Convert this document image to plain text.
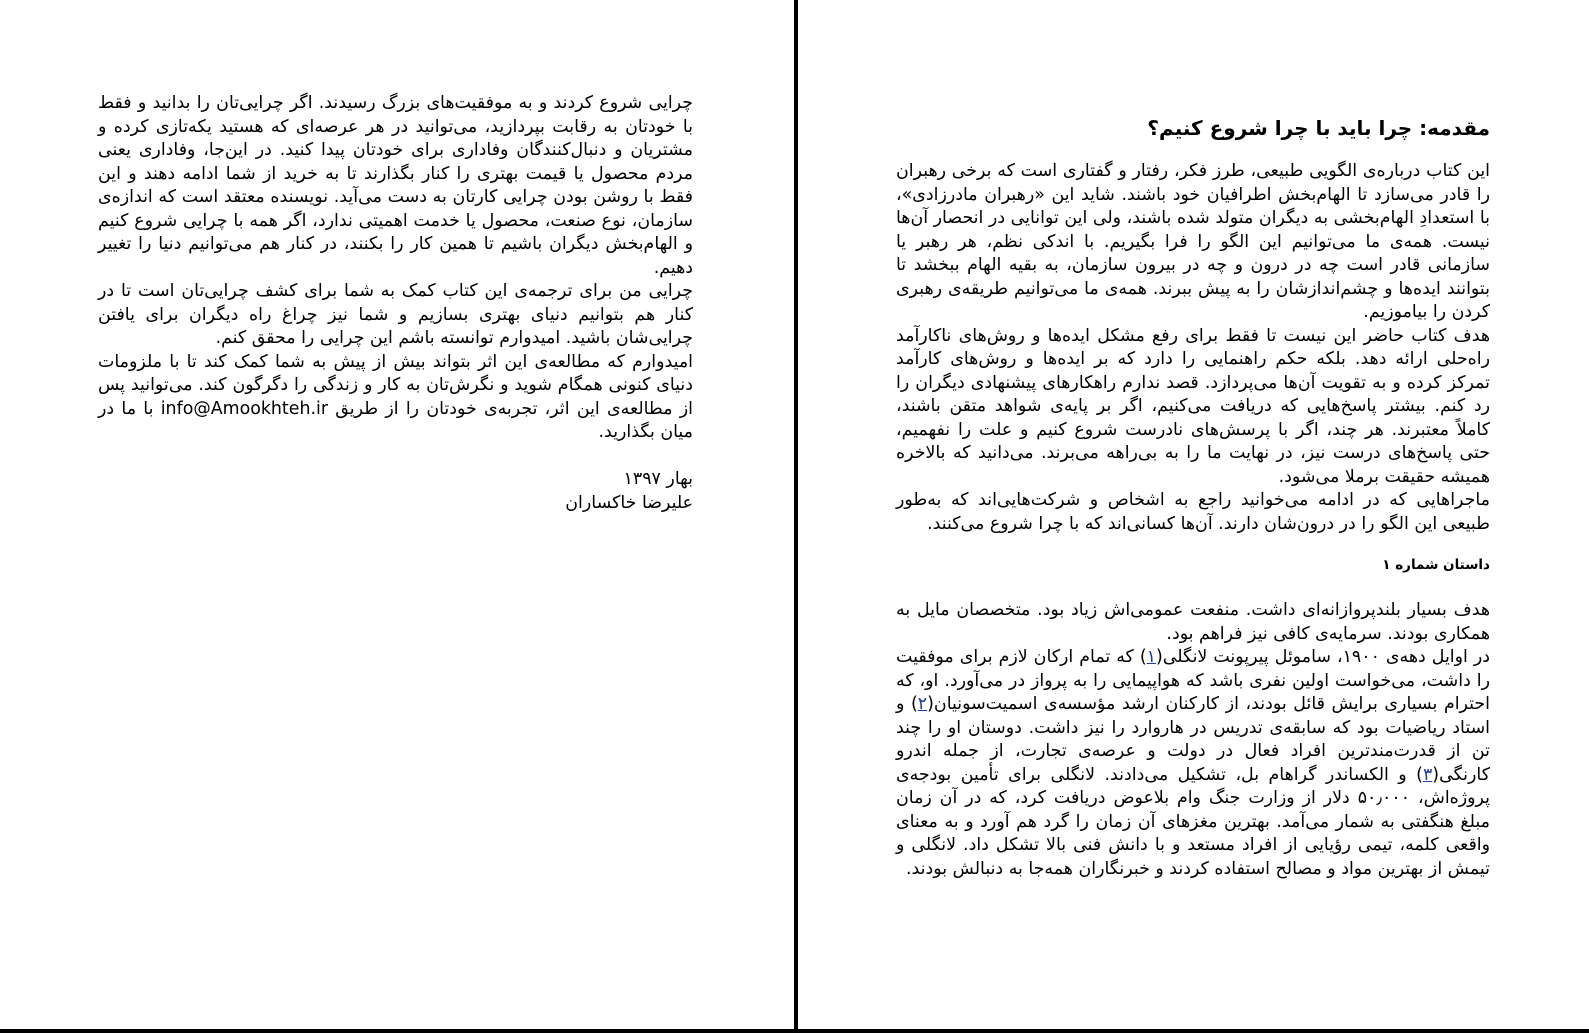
چرایی شروع کردند و به موفقیت‌های بزرگ رسیدند. اگر چرایی‌تان را بدانید و فقط با خودتان به رقابت بپردازید، می‌توانید در هر عرصه‌ای که هستید یکه‌تازی کرده و مشتریان و دنبال‌کنندگان وفاداری برای خودتان پیدا کنید. در این‌جا، وفاداری یعنی مردم محصول یا قیمت بهتری را کنار بگذارند تا به خرید از شما ادامه دهند و این فقط با روشن بودن چرایی کارتان به دست می‌آید. نویسنده معتقد است که اندازه‌ی سازمان، نوع صنعت، محصول یا خدمت اهمیتی ندارد، اگر همه با چرایی شروع کنیم و الهام‌بخش دیگران باشیم تا همین کار را بکنند، در کنار هم می‌توانیم دنیا را تغییر دهیم.

چرایی من برای ترجمه‌ی این کتاب کمک به شما برای کشف چرایی‌تان است تا در کنار هم بتوانیم دنیای بهتری بسازیم و شما نیز چراغ راه دیگران برای یافتن چرایی‌شان باشید. امیدوارم توانسته باشم این چرایی را محقق کنم.

امیدوارم که مطالعه‌ی این اثر بتواند بیش از پیش به شما کمک کند تا با ملزومات دنیای کنونی همگام شوید و نگرش‌تان به کار و زندگی را دگرگون کند. می‌توانید پس از مطالعه‌ی این اثر، تجربه‌ی خودتان را از طریق info@Amookhteh.ir با ما در میان بگذارید.

بهار ۱۳۹۷

علیرضا خاکساران

مقدمه: چرا باید با چرا شروع کنیم؟

این کتاب درباره‌ی الگویی طبیعی، طرز فکر، رفتار و گفتاری است که برخی رهبران را قادر می‌سازد تا الهام‌بخش اطرافیان خود باشند. شاید این «رهبران مادرزادی»، با استعدادِ الهام‌بخشی به دیگران متولد شده باشند، ولی این توانایی در انحصار آن‌ها نیست. همه‌ی ما می‌توانیم این الگو را فرا بگیریم. با اندکی نظم، هر رهبر یا سازمانی قادر است چه در درون و چه در بیرون سازمان، به بقیه الهام ببخشد تا بتوانند ایده‌ها و چشم‌اندازشان را به پیش ببرند. همه‌ی ما می‌توانیم طریقه‌ی رهبری کردن را بیاموزیم.

هدف کتاب حاضر این نیست تا فقط برای رفع مشکل ایده‌ها و روش‌های ناکارآمد راه‌حلی ارائه دهد. بلکه حکم راهنمایی را دارد که بر ایده‌ها و روش‌های کارآمد تمرکز کرده و به تقویت آن‌ها می‌پردازد. قصد ندارم راهکارهای پیشنهادی دیگران را رد کنم. بیشتر پاسخ‌هایی که دریافت می‌کنیم، اگر بر پایه‌ی شواهد متقن باشند، کاملاً معتبرند. هر چند، اگر با پرسش‌های نادرست شروع کنیم و علت را نفهمیم، حتی پاسخ‌های درست نیز، در نهایت ما را به بی‌راهه می‌برند. می‌دانید که بالاخره همیشه حقیقت برملا می‌شود.

ماجراهایی که در ادامه می‌خوانید راجع به اشخاص و شرکت‌هایی‌اند که به‌طور طبیعی این الگو را در درون‌شان دارند. آن‌ها کسانی‌اند که با چرا شروع می‌کنند.

داستان شماره ۱

هدف بسیار بلندپروازانه‌ای داشت. منفعت عمومی‌اش زیاد بود. متخصصان مایل به همکاری بودند. سرمایه‌ی کافی نیز فراهم بود.

در اوایل دهه‌ی ۱۹۰۰، ساموئل پیرپونت لانگلی(۱) که تمام ارکان لازم برای موفقیت را داشت، می‌خواست اولین نفری باشد که هواپیمایی را به پرواز در می‌آورد. او، که احترام بسیاری برایش قائل بودند، از کارکنان ارشد مؤسسه‌ی اسمیت‌سونیان(۲) و استاد ریاضیات بود که سابقه‌ی تدریس در هاروارد را نیز داشت. دوستان او را چند تن از قدرت‌مندترین افراد فعال در دولت و عرصه‌ی تجارت، از جمله اندرو کارنگی(۳) و الکساندر گراهام بل، تشکیل می‌دادند. لانگلی برای تأمین بودجه‌ی پروژه‌اش، ۵۰٫۰۰۰ دلار از وزارت جنگ وام بلاعوض دریافت کرد، که در آن زمان مبلغ هنگفتی به شمار می‌آمد. بهترین مغزهای آن زمان را گرد هم آورد و به معنای واقعی کلمه، تیمی رؤیایی از افراد مستعد و با دانش فنی بالا تشکل داد. لانگلی و تیمش از بهترین مواد و مصالح استفاده کردند و خبرنگاران همه‌جا به دنبالش بودند.
